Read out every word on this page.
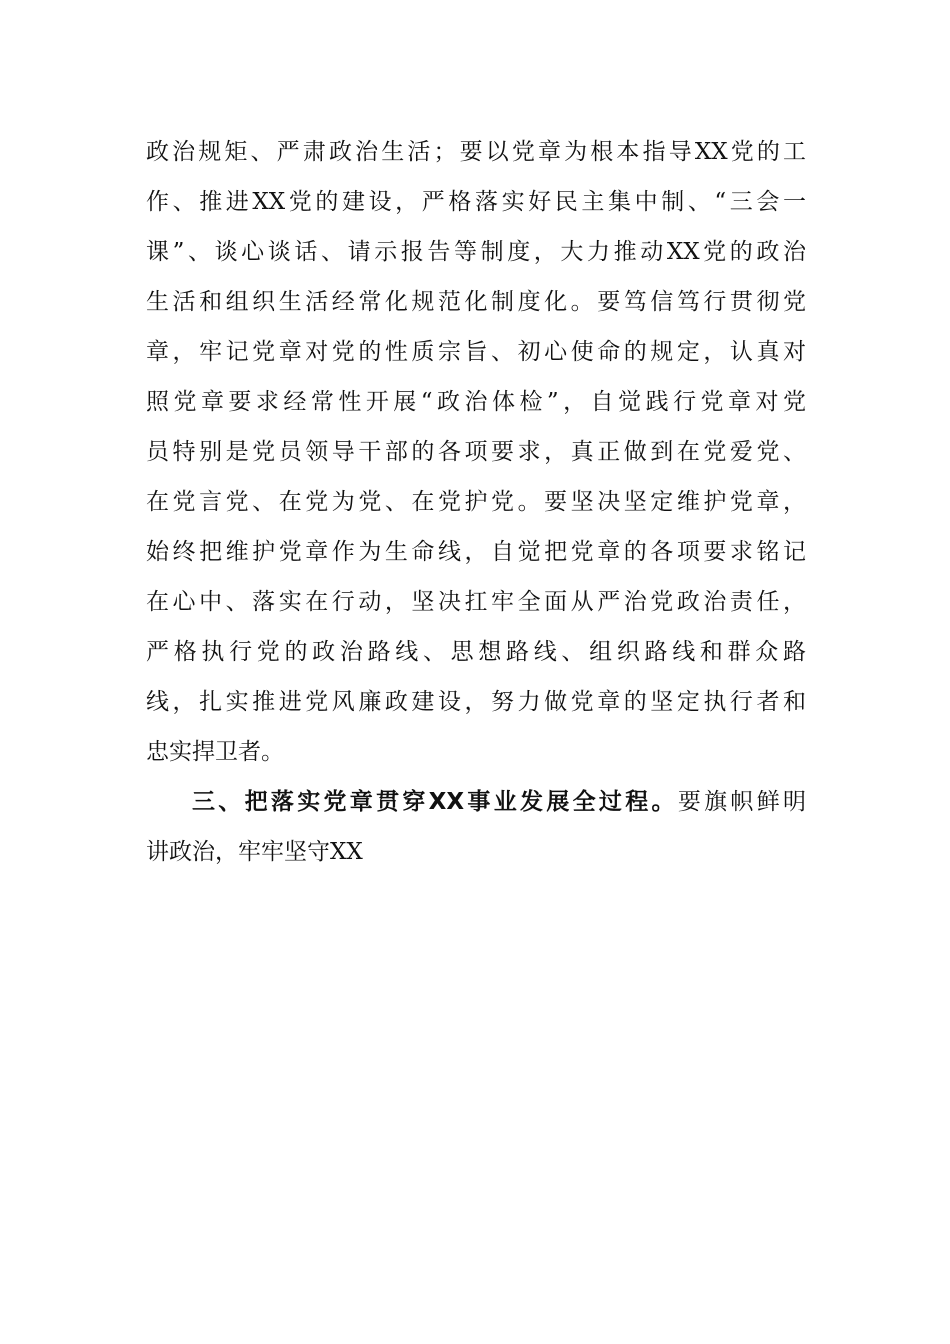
政治规矩、严肃政治生活；要以党章为根本指导XX党的工
作、推进XX党的建设，严格落实好民主集中制、“三会一
课”、谈心谈话、请示报告等制度，大力推动XX党的政治
生活和组织生活经常化规范化制度化。要笃信笃行贯彻党
章，牢记党章对党的性质宗旨、初心使命的规定，认真对
照党章要求经常性开展“政治体检”，自觉践行党章对党
员特别是党员领导干部的各项要求，真正做到在党爱党、
在党言党、在党为党、在党护党。要坚决坚定维护党章，
始终把维护党章作为生命线，自觉把党章的各项要求铭记
在心中、落实在行动，坚决扛牢全面从严治党政治责任，
严格执行党的政治路线、思想路线、组织路线和群众路
线，扎实推进党风廉政建设，努力做党章的坚定执行者和
忠实捍卫者。
三、把落实党章贯穿XX事业发展全过程。要旗帜鲜明
讲政治，牢牢坚守XX
